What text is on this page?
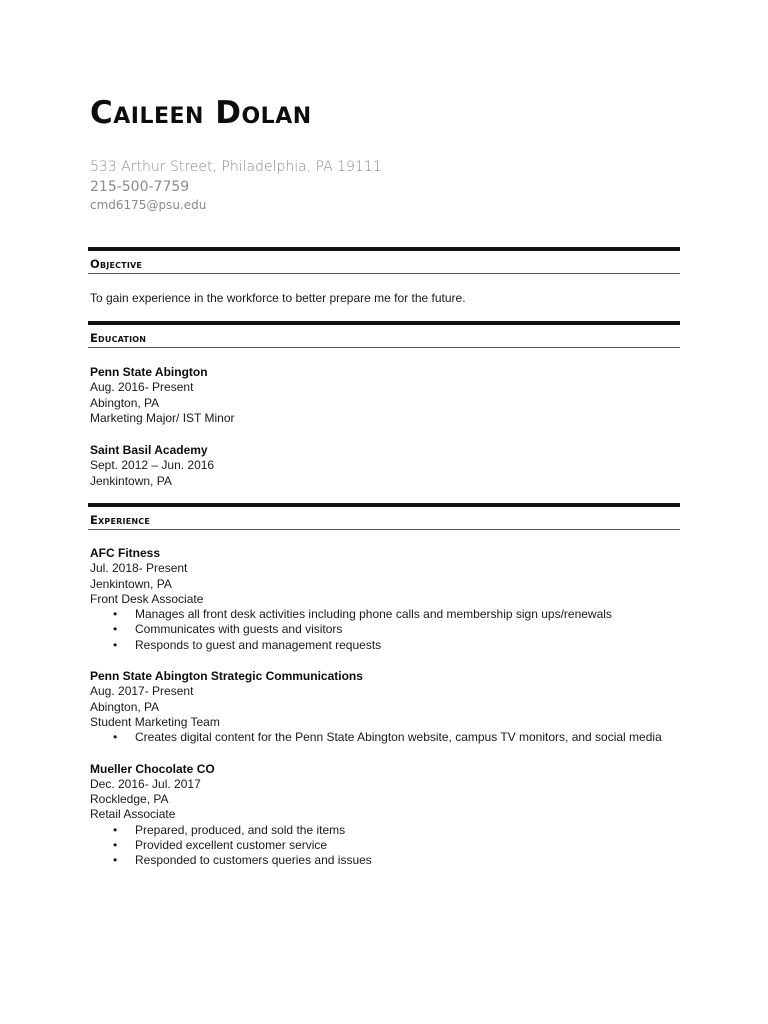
Caileen Dolan
533 Arthur Street, Philadelphia, PA 19111
215-500-7759
cmd6175@psu.edu
Objective
To gain experience in the workforce to better prepare me for the future.
Education
Penn State Abington
Aug. 2016- Present
Abington, PA
Marketing Major/ IST Minor
Saint Basil Academy
Sept. 2012 – Jun. 2016
Jenkintown, PA
Experience
AFC Fitness
Jul. 2018- Present
Jenkintown, PA
Front Desk Associate
• Manages all front desk activities including phone calls and membership sign ups/renewals
• Communicates with guests and visitors
• Responds to guest and management requests
Penn State Abington Strategic Communications
Aug. 2017- Present
Abington, PA
Student Marketing Team
• Creates digital content for the Penn State Abington website, campus TV monitors, and social media
Mueller Chocolate CO
Dec. 2016- Jul. 2017
Rockledge, PA
Retail Associate
• Prepared, produced, and sold the items
• Provided excellent customer service
• Responded to customers queries and issues
